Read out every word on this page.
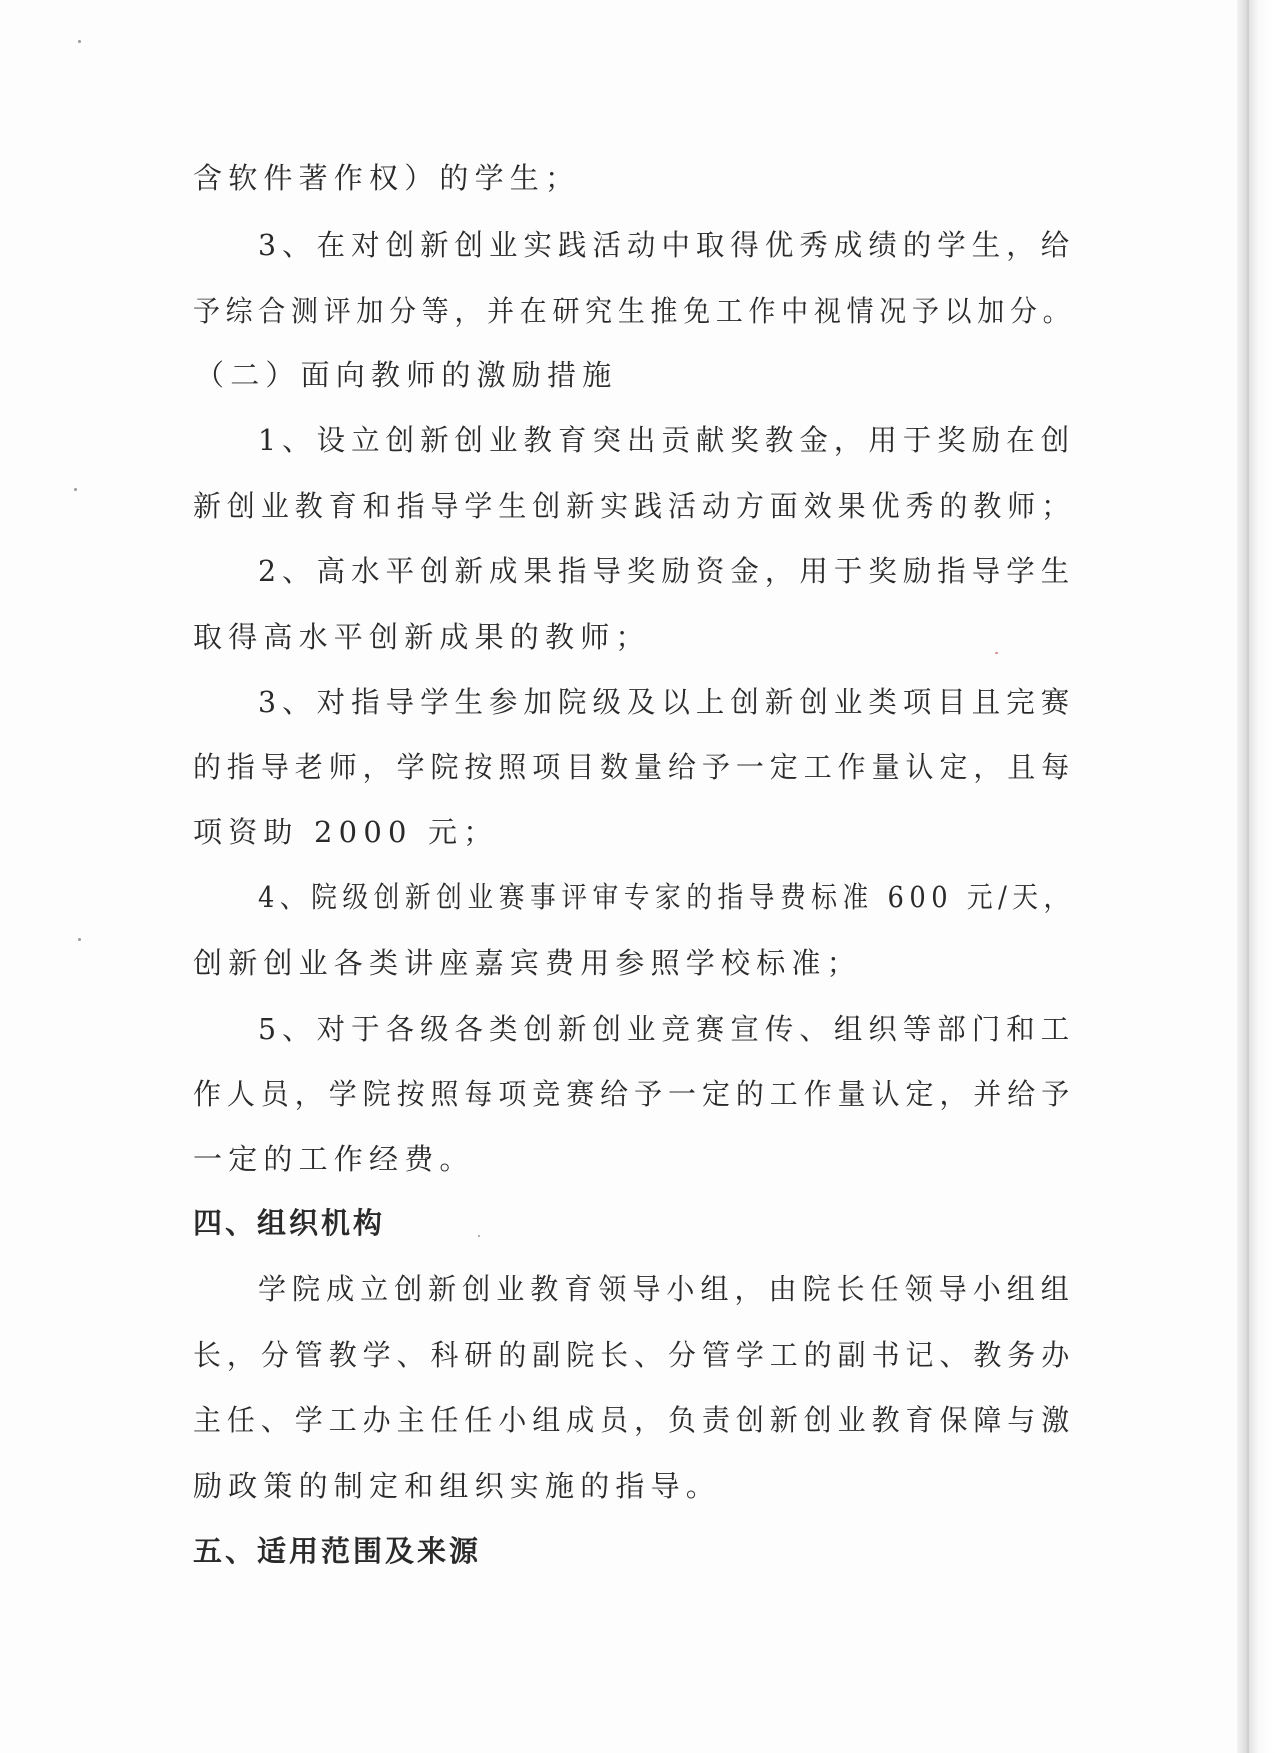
含软件著作权）的学生；
3、在对创新创业实践活动中取得优秀成绩的学生，给
予综合测评加分等，并在研究生推免工作中视情况予以加分。
（二）面向教师的激励措施
1、设立创新创业教育突出贡献奖教金，用于奖励在创
新创业教育和指导学生创新实践活动方面效果优秀的教师；
2、高水平创新成果指导奖励资金，用于奖励指导学生
取得高水平创新成果的教师；
3、对指导学生参加院级及以上创新创业类项目且完赛
的指导老师，学院按照项目数量给予一定工作量认定，且每
项资助 2000 元；
4、院级创新创业赛事评审专家的指导费标准 600 元/天，
创新创业各类讲座嘉宾费用参照学校标准；
5、对于各级各类创新创业竞赛宣传、组织等部门和工
作人员，学院按照每项竞赛给予一定的工作量认定，并给予
一定的工作经费。
四、组织机构
学院成立创新创业教育领导小组，由院长任领导小组组
长，分管教学、科研的副院长、分管学工的副书记、教务办
主任、学工办主任任小组成员，负责创新创业教育保障与激
励政策的制定和组织实施的指导。
五、适用范围及来源
